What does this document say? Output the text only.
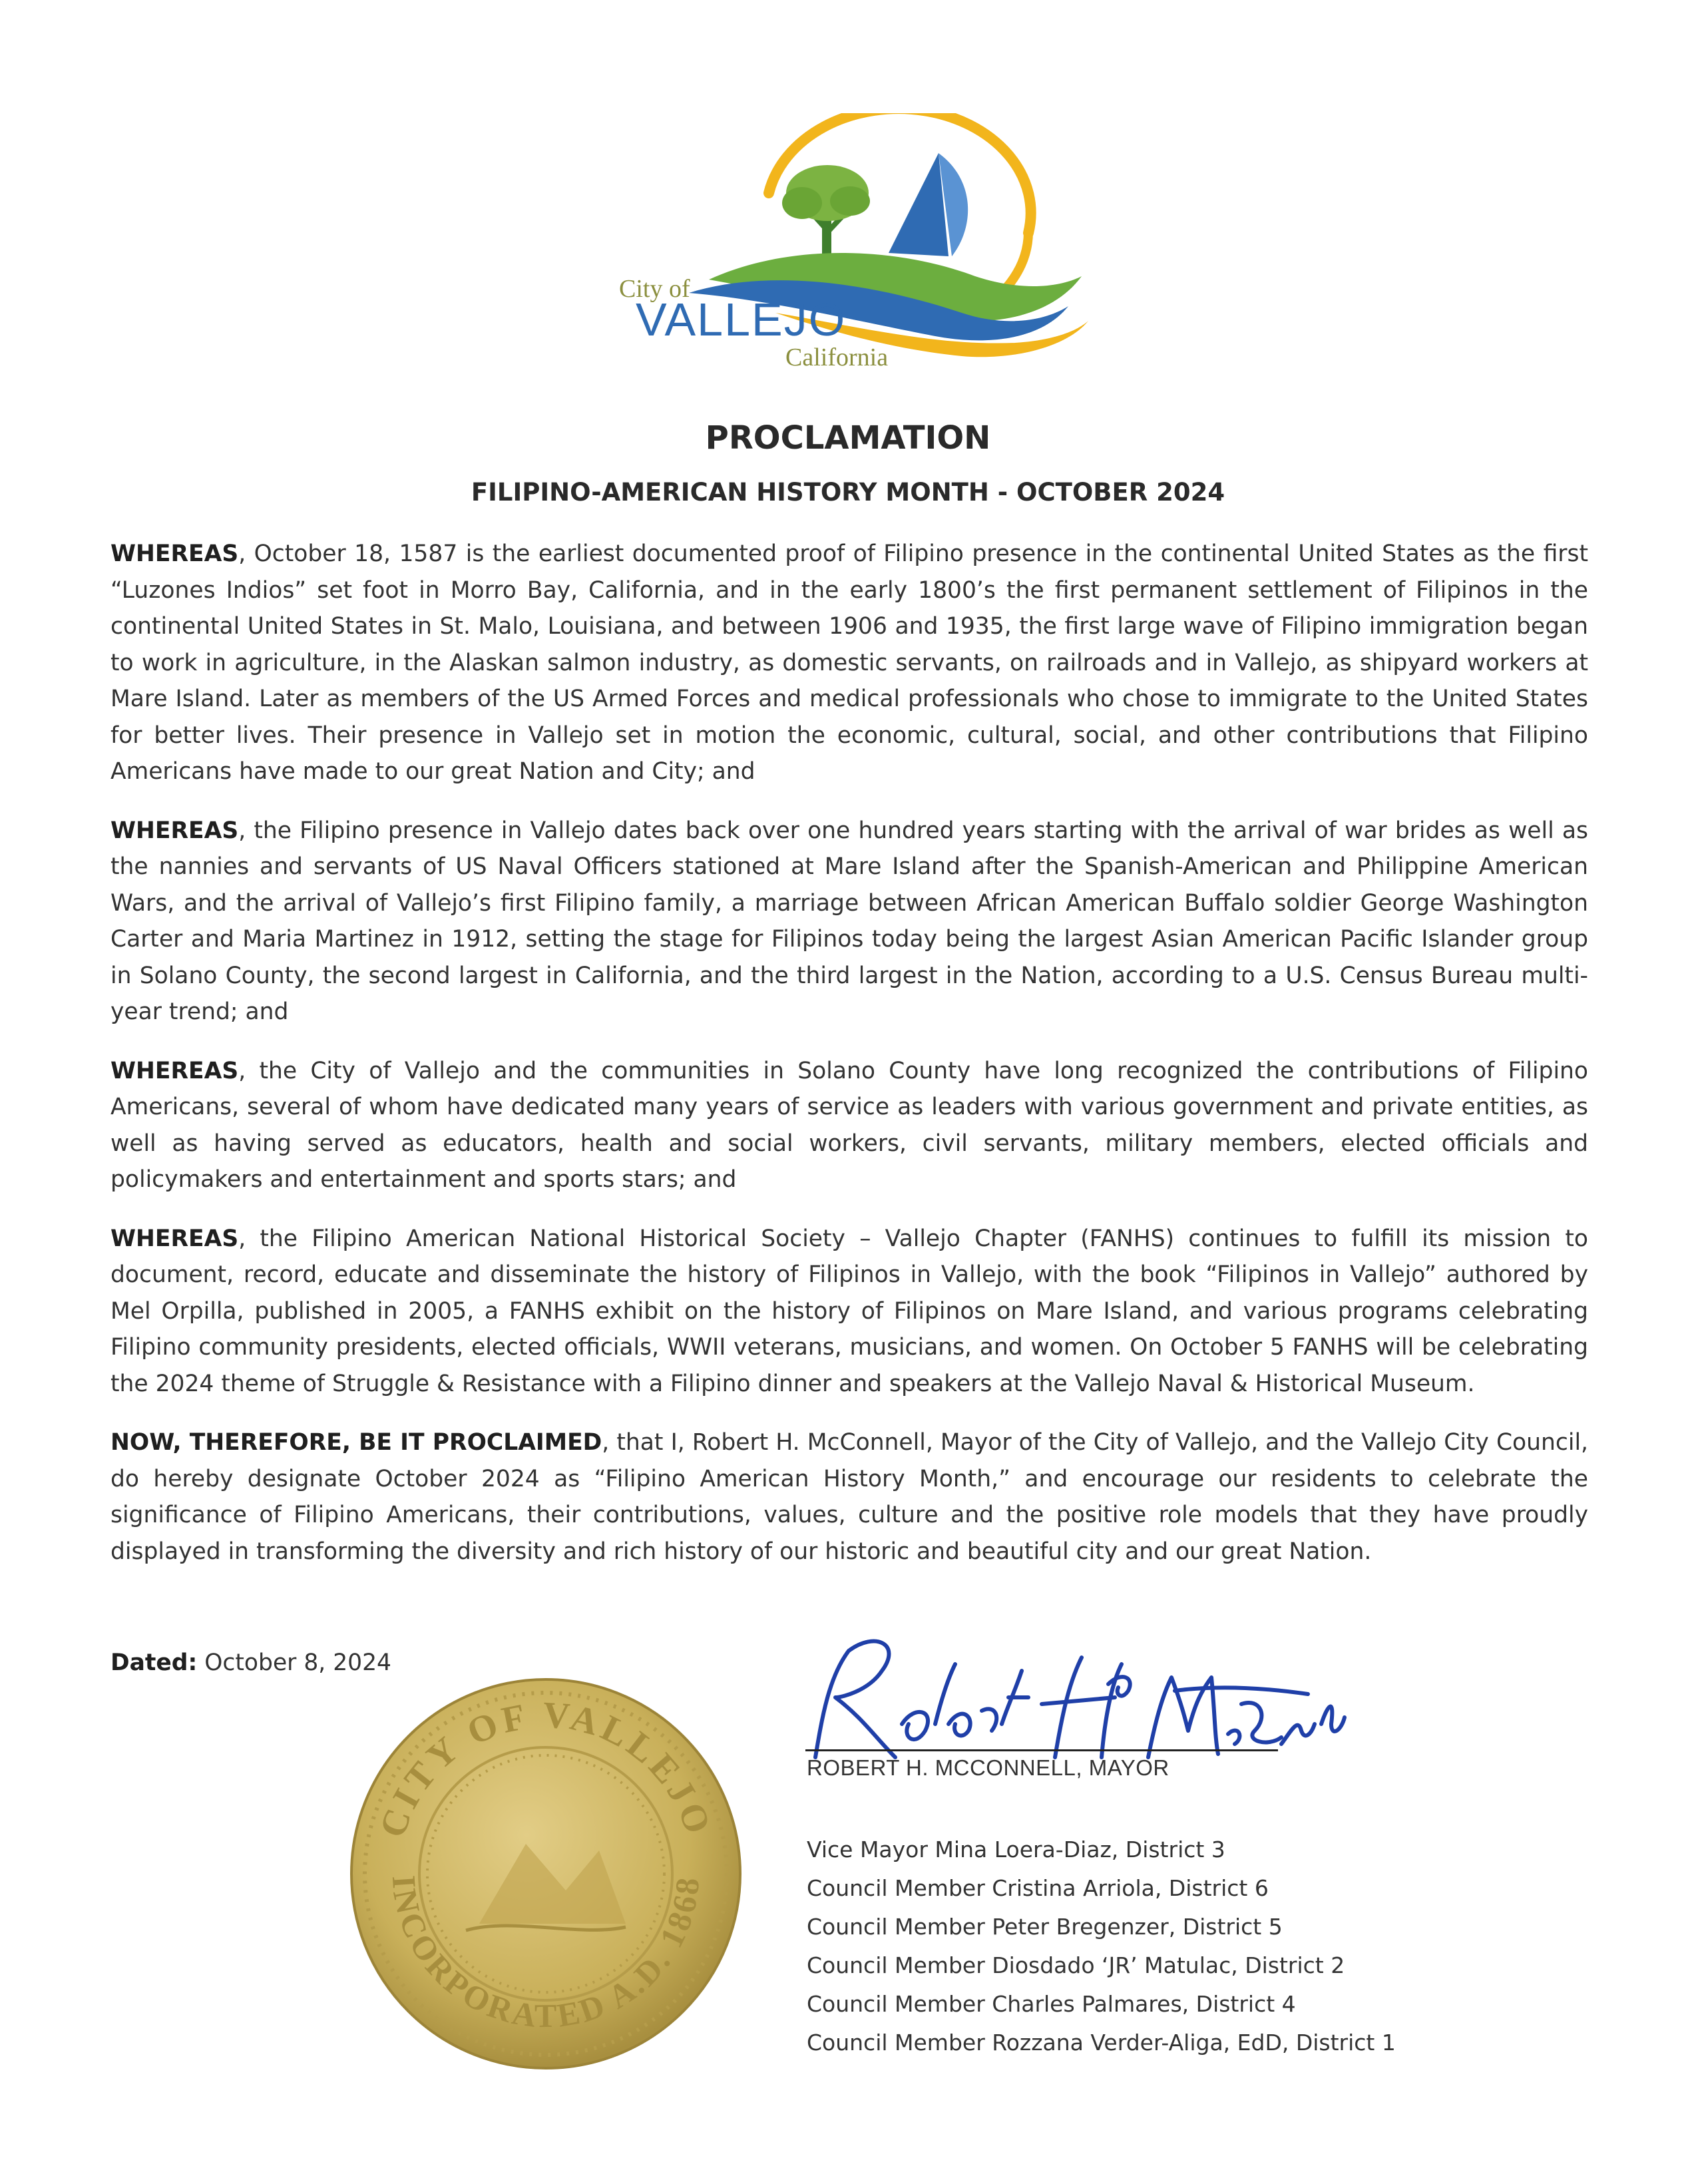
City of
VALLEJO
California
PROCLAMATION
FILIPINO-AMERICAN HISTORY MONTH - OCTOBER 2024

WHEREAS, October 18, 1587 is the earliest documented proof of Filipino presence in the continental United States as the first “Luzones Indios” set foot in Morro Bay, California, and in the early 1800’s the first permanent settlement of Filipinos in the continental United States in St. Malo, Louisiana, and between 1906 and 1935, the first large wave of Filipino immigration began to work in agriculture, in the Alaskan salmon industry, as domestic servants, on railroads and in Vallejo, as shipyard workers at Mare Island. Later as members of the US Armed Forces and medical professionals who chose to immigrate to the United States for better lives. Their presence in Vallejo set in motion the economic, cultural, social, and other contributions that Filipino Americans have made to our great Nation and City; and

WHEREAS, the Filipino presence in Vallejo dates back over one hundred years starting with the arrival of war brides as well as the nannies and servants of US Naval Officers stationed at Mare Island after the Spanish-American and Philippine American Wars, and the arrival of Vallejo’s first Filipino family, a marriage between African American Buffalo soldier George Washington Carter and Maria Martinez in 1912, setting the stage for Filipinos today being the largest Asian American Pacific Islander group in Solano County, the second largest in California, and the third largest in the Nation, according to a U.S. Census Bureau multi-year trend; and

WHEREAS, the City of Vallejo and the communities in Solano County have long recognized the contributions of Filipino Americans, several of whom have dedicated many years of service as leaders with various government and private entities, as well as having served as educators, health and social workers, civil servants, military members, elected officials and policymakers and entertainment and sports stars; and

WHEREAS, the Filipino American National Historical Society – Vallejo Chapter (FANHS) continues to fulfill its mission to document, record, educate and disseminate the history of Filipinos in Vallejo, with the book “Filipinos in Vallejo” authored by Mel Orpilla, published in 2005, a FANHS exhibit on the history of Filipinos on Mare Island, and various programs celebrating Filipino community presidents, elected officials, WWII veterans, musicians, and women. On October 5 FANHS will be celebrating the 2024 theme of Struggle & Resistance with a Filipino dinner and speakers at the Vallejo Naval & Historical Museum.

NOW, THEREFORE, BE IT PROCLAIMED, that I, Robert H. McConnell, Mayor of the City of Vallejo, and the Vallejo City Council, do hereby designate October 2024 as “Filipino American History Month,” and encourage our residents to celebrate the significance of Filipino Americans, their contributions, values, culture and the positive role models that they have proudly displayed in transforming the diversity and rich history of our historic and beautiful city and our great Nation.

Dated: October 8, 2024
CITY OF VALLEJO
INCORPORATED A.D. 1868
ROBERT H. MCCONNELL, MAYOR
Vice Mayor Mina Loera-Diaz, District 3
Council Member Cristina Arriola, District 6
Council Member Peter Bregenzer, District 5
Council Member Diosdado ‘JR’ Matulac, District 2
Council Member Charles Palmares, District 4
Council Member Rozzana Verder-Aliga, EdD, District 1
